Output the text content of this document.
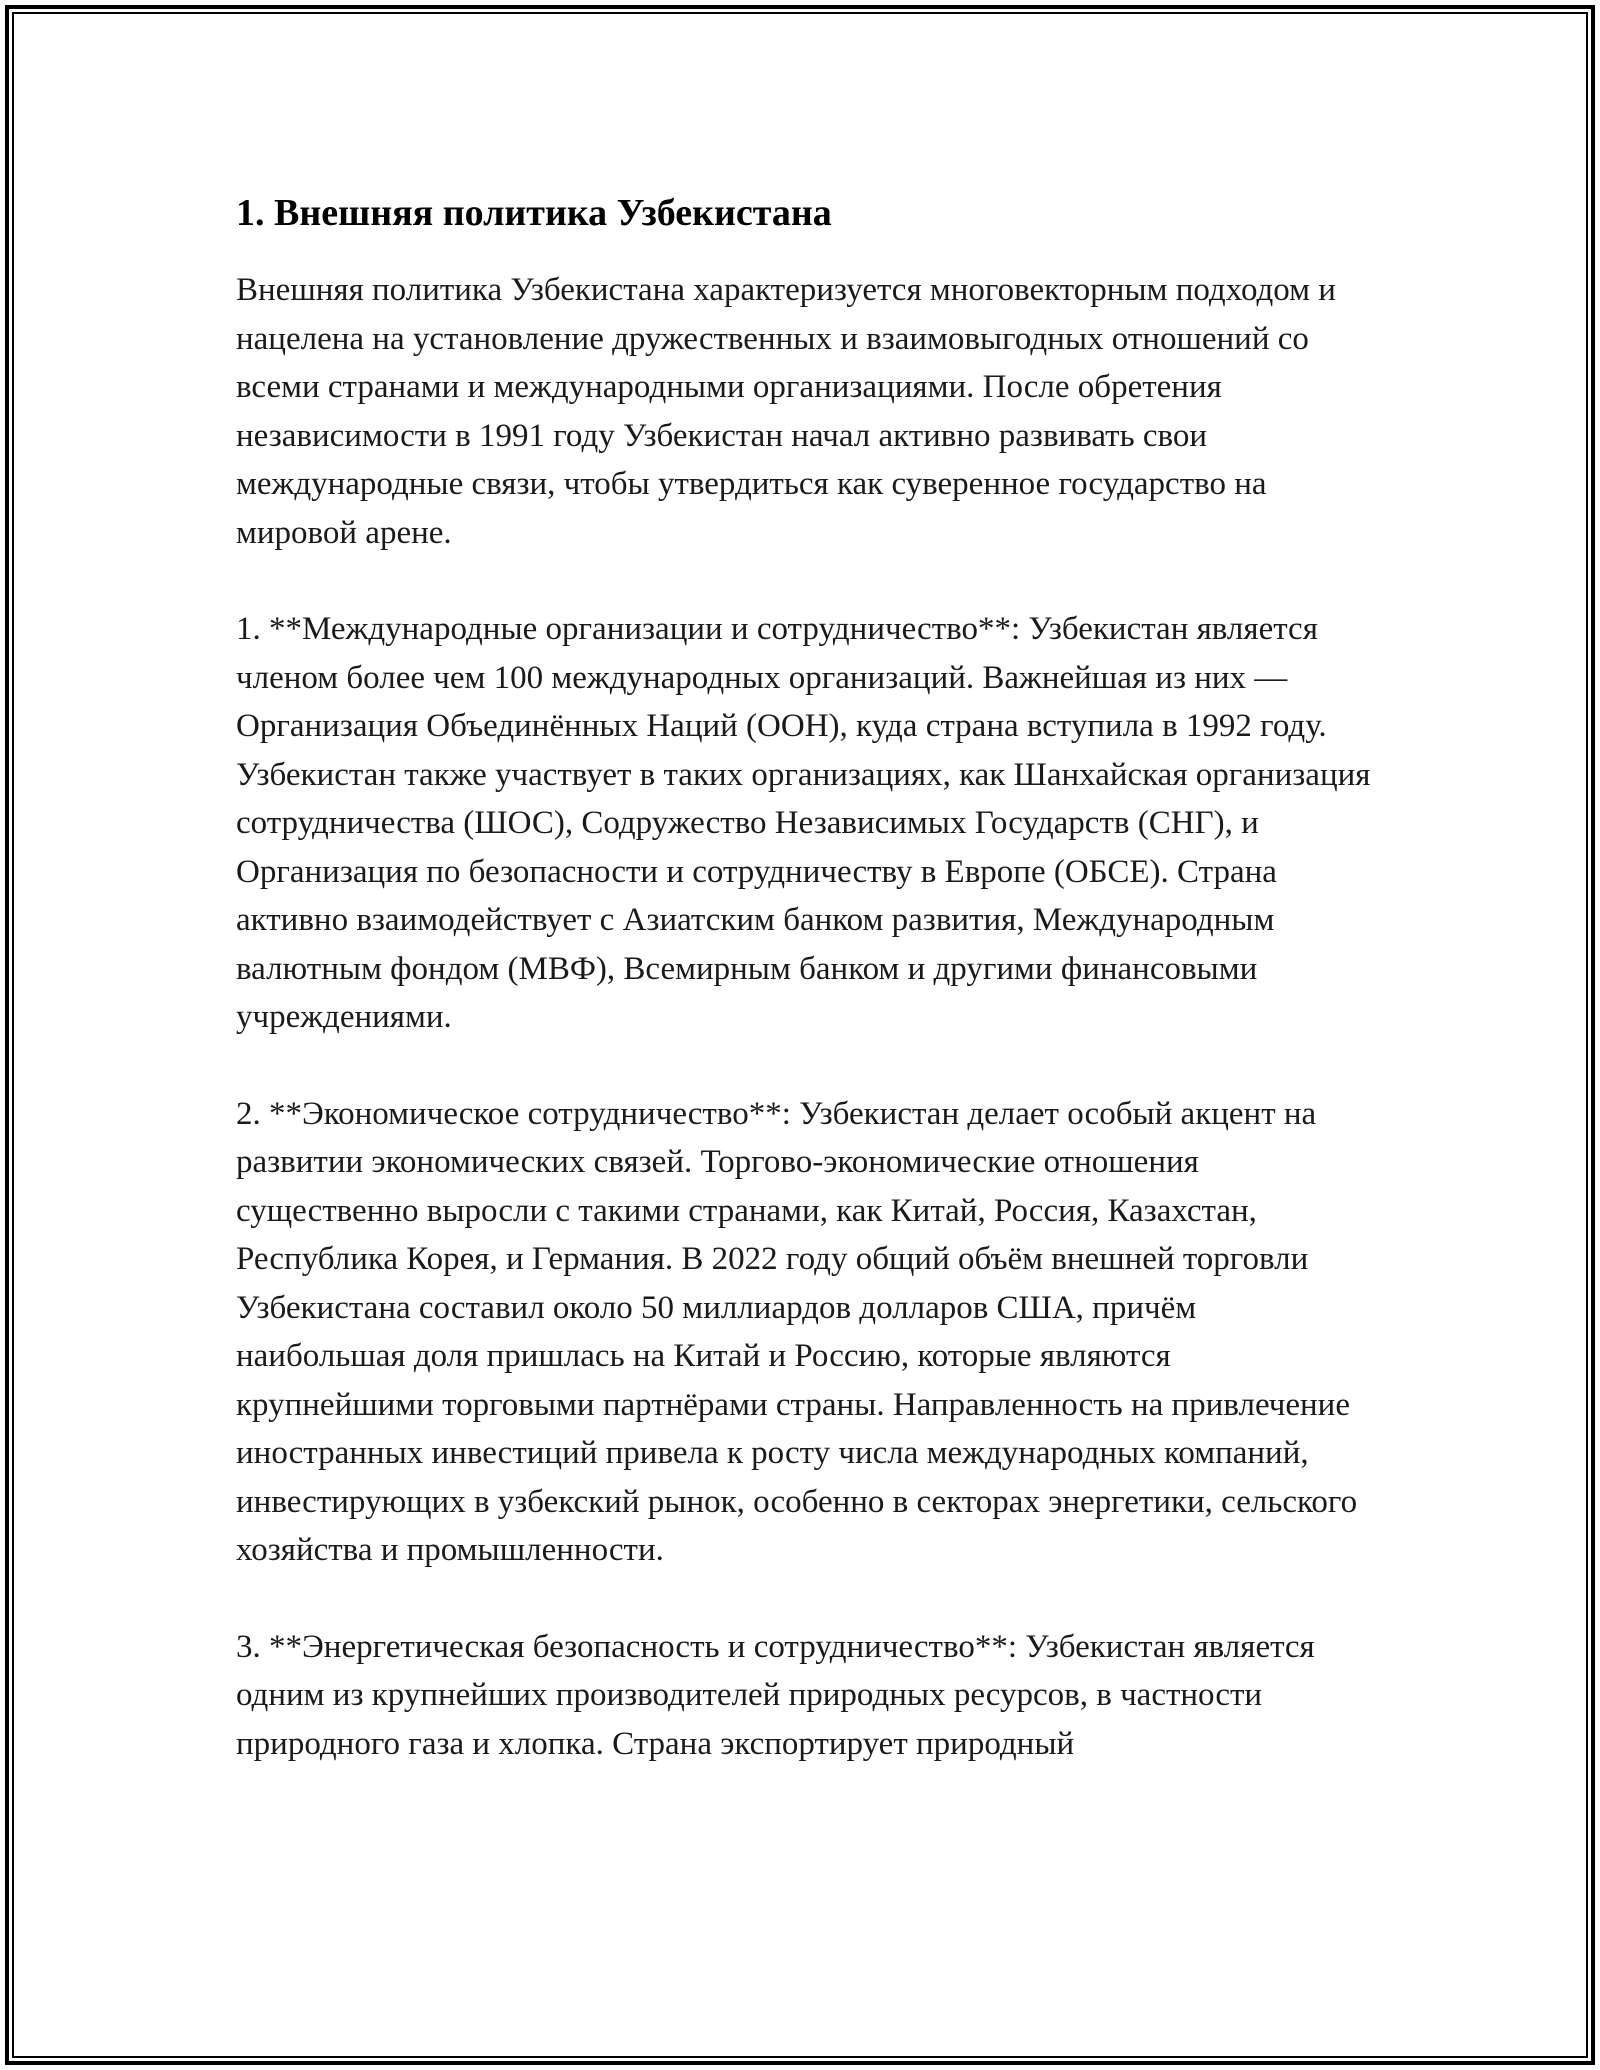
1. Внешняя политика Узбекистана

Внешняя политика Узбекистана характеризуется многовекторным подходом и нацелена на установление дружественных и взаимовыгодных отношений со всеми странами и международными организациями. После обретения независимости в 1991 году Узбекистан начал активно развивать свои международные связи, чтобы утвердиться как суверенное государство на мировой арене.

1. **Международные организации и сотрудничество**: Узбекистан является членом более чем 100 международных организаций. Важнейшая из них — Организация Объединённых Наций (ООН), куда страна вступила в 1992 году. Узбекистан также участвует в таких организациях, как Шанхайская организация сотрудничества (ШОС), Содружество Независимых Государств (СНГ), и Организация по безопасности и сотрудничеству в Европе (ОБСЕ). Страна активно взаимодействует с Азиатским банком развития, Международным валютным фондом (МВФ), Всемирным банком и другими финансовыми учреждениями.

2. **Экономическое сотрудничество**: Узбекистан делает особый акцент на развитии экономических связей. Торгово-экономические отношения существенно выросли с такими странами, как Китай, Россия, Казахстан, Республика Корея, и Германия. В 2022 году общий объём внешней торговли Узбекистана составил около 50 миллиардов долларов США, причём наибольшая доля пришлась на Китай и Россию, которые являются крупнейшими торговыми партнёрами страны. Направленность на привлечение иностранных инвестиций привела к росту числа международных компаний, инвестирующих в узбекский рынок, особенно в секторах энергетики, сельского хозяйства и промышленности.

3. **Энергетическая безопасность и сотрудничество**: Узбекистан является одним из крупнейших производителей природных ресурсов, в частности природного газа и хлопка. Страна экспортирует природный
